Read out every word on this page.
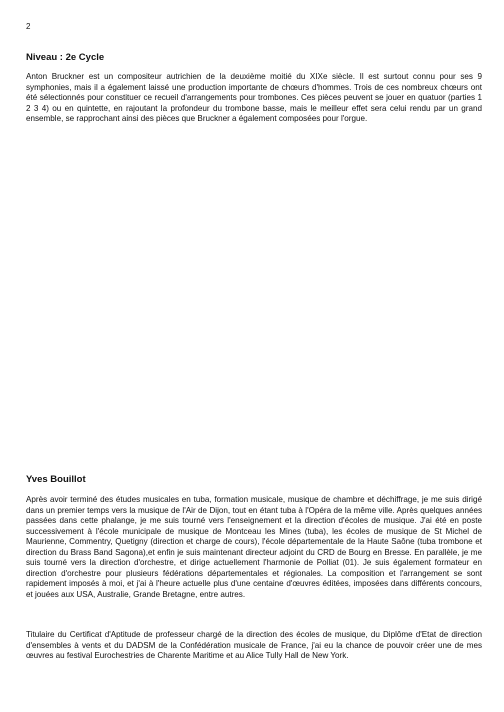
2
Niveau : 2e Cycle

Anton Bruckner est un compositeur autrichien de la deuxième moitié du XIXe siècle. Il est surtout connu pour ses 9 symphonies, mais il a également laissé une production importante de chœurs d'hommes. Trois de ces nombreux chœurs ont été sélectionnés pour constituer ce recueil d'arrangements pour trombones. Ces pièces peuvent se jouer en quatuor (parties 1 2 3 4) ou en quintette, en rajoutant la profondeur du trombone basse, mais le meilleur effet sera celui rendu par un grand ensemble, se rapprochant ainsi des pièces que Bruckner a également composées pour l'orgue.

Yves Bouillot

Après avoir terminé des études musicales en tuba, formation musicale, musique de chambre et déchiffrage, je me suis dirigé dans un premier temps vers la musique de l'Air de Dijon, tout en étant tuba à l'Opéra de la même ville. Après quelques années passées dans cette phalange, je me suis tourné vers l'enseignement et la direction d'écoles de musique. J'ai été en poste successivement à l'école municipale de musique de Montceau les Mines (tuba), les écoles de musique de St Michel de Maurienne, Commentry, Quetigny (direction et charge de cours), l'école départementale de la Haute Saône (tuba trombone et direction du Brass Band Sagona),et enfin je suis maintenant directeur adjoint du CRD de Bourg en Bresse. En parallèle, je me suis tourné vers la direction d'orchestre, et dirige actuellement l'harmonie de Polliat (01). Je suis également formateur en direction d'orchestre pour plusieurs fédérations départementales et régionales. La composition et l'arrangement se sont rapidement imposés à moi, et j'ai à l'heure actuelle plus d'une centaine d'œuvres éditées, imposées dans différents concours, et jouées aux USA, Australie, Grande Bretagne, entre autres.

Titulaire du Certificat d'Aptitude de professeur chargé de la direction des écoles de musique, du Diplôme d'Etat de direction d'ensembles à vents et du DADSM de la Confédération musicale de France, j'ai eu la chance de pouvoir créer une de mes œuvres au festival Eurochestries de Charente Maritime et au Alice Tully Hall de New York.
